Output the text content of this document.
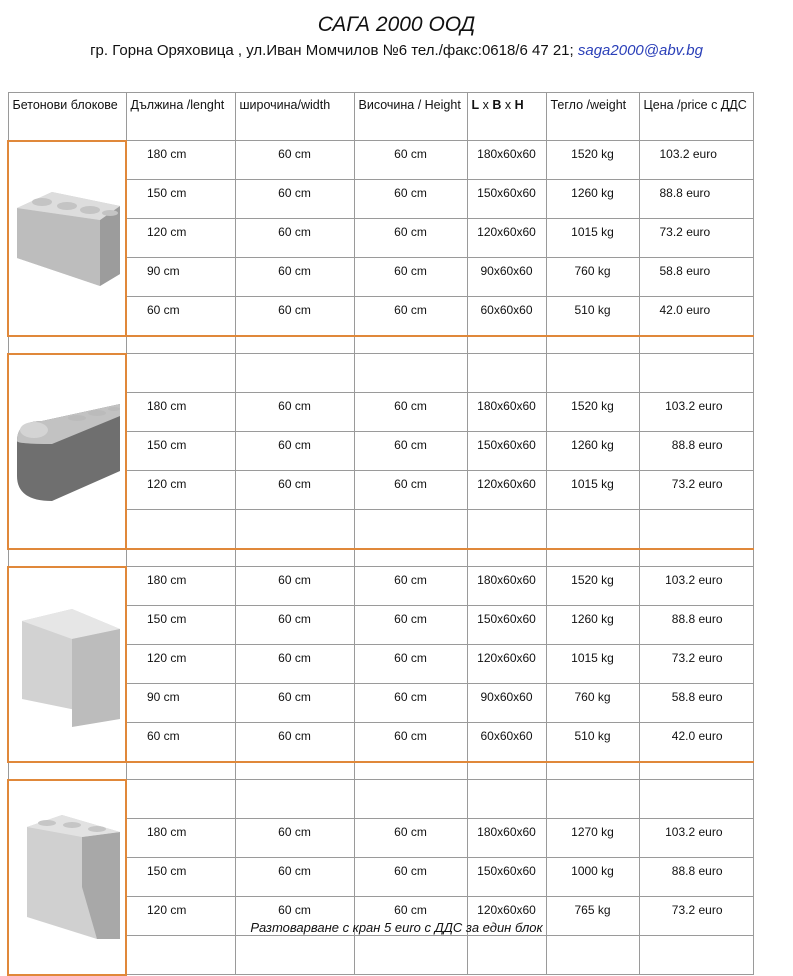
САГА 2000 ООД
гр. Горна Оряховица , ул.Иван Момчилов №6 тел./факс:0618/6 47 21; saga2000@abv.bg
Бетонови блокове	Дължина /lenght	широчина/width	Височина / Height	L x B x H	Тегло /weight	Цена /price с ДДС

	180 cm	60 cm	60 cm	180x60x60	1520 kg	103.2 euro
	150 cm	60 cm	60 cm	150x60x60	1260 kg	88.8 euro
	120 cm	60 cm	60 cm	120x60x60	1015 kg	73.2 euro
	90 cm	60 cm	60 cm	90x60x60	760 kg	58.8 euro
	60 cm	60 cm	60 cm	60x60x60	510 kg	42.0 euro

	180 cm	60 cm	60 cm	180x60x60	1520 kg	103.2 euro
	150 cm	60 cm	60 cm	150x60x60	1260 kg	88.8 euro
	120 cm	60 cm	60 cm	120x60x60	1015 kg	73.2 euro

	180 cm	60 cm	60 cm	180x60x60	1520 kg	103.2 euro
	150 cm	60 cm	60 cm	150x60x60	1260 kg	88.8 euro
	120 cm	60 cm	60 cm	120x60x60	1015 kg	73.2 euro
	90 cm	60 cm	60 cm	90x60x60	760 kg	58.8 euro
	60 cm	60 cm	60 cm	60x60x60	510 kg	42.0 euro

	180 cm	60 cm	60 cm	180x60x60	1270 kg	103.2 euro
	150 cm	60 cm	60 cm	150x60x60	1000 kg	88.8 euro
	120 cm	60 cm	60 cm	120x60x60	765 kg	73.2 euro

Разтоварване с кран 5 euro с ДДС за един блок
